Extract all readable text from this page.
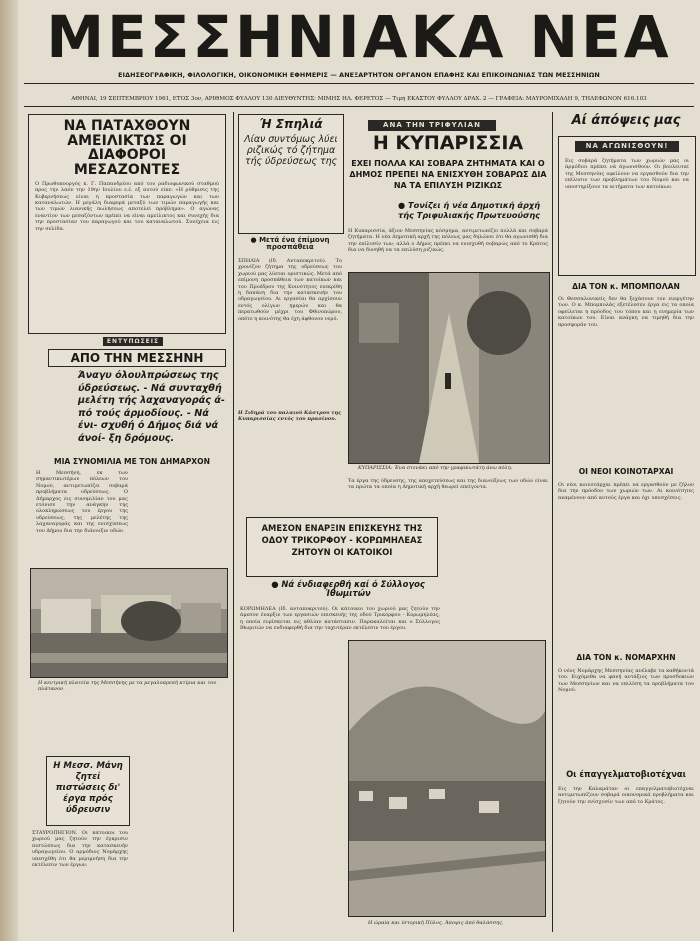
ΜΕΣΣΗΝΙΑΚΑ ΝΕΑ
ΕΙΔΗΣΕΟΓΡΑΦΙΚΗ, ΦΙΛΟΛΟΓΙΚΗ, ΟΙΚΟΝΟΜΙΚΗ ΕΦΗΜΕΡΙΣ — ΑΝΕΞΑΡΤΗΤΟΝ ΟΡΓΑΝΟΝ ΕΠΑΦΗΣ ΚΑΙ ΕΠΙΚΟΙΝΩΝΙΑΣ ΤΩΝ ΜΕΣΣΗΝΙΩΝ
ΑΘΗΝΑΙ, 19 ΣΕΠΤΕΜΒΡΙΟΥ 1961, ΕΤΟΣ 3ον, ΑΡΙΘΜΟΣ ΦΥΛΛΟΥ 130 ΔΙΕΥΘΥΝΤΗΣ: ΜΙΜΗΣ ΗΛ. ΦΕΡΕΤΟΣ — Τιμή ΕΚΑΣΤΟΥ ΦΥΛΛΟΥ ΔΡΑΧ. 2 — ΓΡΑΦΕΙΑ: ΜΑΥΡΟΜΙΧΑΛΗ 9, ΤΗΛΕΦΩΝΟΝ 616.103
ΝΑ ΠΑΤΑΧΘΟΥΝ ΑΜΕΙΛΙΚΤΩΣ ΟΙ ΔΙΑΦΟΡΟΙ ΜΕΣΑΖΟΝΤΕΣ
Ο Πρωθυπουργός κ. Γ. Παπανδρέου από του ραδιοφωνικού σταθμού προς την λαόν την 19ην Ιουλίου ε.έ. εξ αυτού είπε: «Η ρύθμισις της Κυβερνήσεως είναι η προστασία των παραγωγών και των καταναλωτών. Η μεγάλη διαφορά μεταξύ των τιμών παραγωγής και των τιμών λιανικής πωλήσεως αποτελεί πρόβλημα». Ο αγώνας εναντίον των μεσαζόντων πρέπει να είναι αμείλικτος και συνεχής δια την προστασίαν του παραγωγού και του καταναλωτού. Συνέχεια εις την σελίδα.
ΕΝΤΥΠΩΣΕΙΣ
ΑΠΟ ΤΗΝ ΜΕΣΣΗΝΗ
Άναγυ όλουλπρώσεως της ύδρεύσεως. - Νά συνταχθή μελέτη τής λαχαναγοράς ά- πό τούς άρμοδίους. - Νά ένι- σχυθή ό Δήμος διά νά άνοί- ξη δρόμους.
ΜΙΑ ΣΥΝΟΜΙΛΙΑ ΜΕ ΤΟΝ ΔΗΜΑΡΧΟΝ
Η Μεσσήνη, εκ των σημαντικωτέρων πόλεων του Νομού, αντιμετωπίζει σοβαρά προβλήματα υδρεύσεως. Ο Δήμαρχος εις συνομιλίαν του μας ετόνισε την ανάγκην της ολοκληρώσεως του έργου της υδρεύσεως, της μελέτης της λαχαναγοράς και της ενισχύσεως του Δήμου δια την διάνοιξιν οδών.
Η κεντρική πλατεία της Μεσσήνης με τα μεγαλοπρεπή κτίρια και τον πλάτανον.
Η Μεσσ. Μάνη ζητεί πιστώσεις δι' έργα πρός ύδρευσιν
ΣΤΑΥΡΟΠΗΓΙΟΝ. Οι κάτοικοι του χωριού μας ζητούν την έγκρισιν πιστώσεως δια την κατασκευήν υδραγωγείου. Ο αρμόδιος Νομάρχης υπεσχέθη ότι θα μεριμνήση δια την εκτέλεσιν των έργων.
Ή Σπηλιά
Λίαν συντόμως λύει ριζικώς τό ζήτημα τής ύδρεύσεως της
● Μετά ένα έπίμονη προσπάθεια
ΣΠΗΛΙΑ (Ιδ. Ανταποκριτού). Το χρονίζον ζήτημα της υδρεύσεως του χωριού μας λύεται οριστικώς. Μετά από επίμονη προσπάθεια των κατοίκων και του Προέδρου της Κοινότητος ενεκρίθη η δαπάνη δια την κατασκευήν του υδραγωγείου. Αι εργασίαι θα αρχίσουν εντός ολίγων ημερών και θα περατωθούν μέχρι του Φθινοπώρου, οπότε η κοινότης θα έχη άφθονον νερό.
Η Σιδηρά του παλαιού Κάστρου της Κυπαρισσίας εντός του πρασίνου.
ΑΝΑ ΤΗΝ ΤΡΙΦΥΛΙΑΝ
Η ΚΥΠΑΡΙΣΣΙΑ
ΕΧΕΙ ΠΟΛΛΑ ΚΑΙ ΣΟΒΑΡΑ ΖΗΤΗΜΑΤΑ ΚΑΙ Ο ΔΗΜΟΣ ΠΡΕΠΕΙ ΝΑ ΕΝΙΣΧΥΘΗ ΣΟΒΑΡΩΣ ΔΙΑ ΝΑ ΤΑ ΕΠΙΛΥΣΗ ΡΙΖΙΚΩΣ
● Τονίζει ή νέα Δημοτική άρχή τής Τριφυλιακής Πρωτευούσης
Η Κυπαρισσία, άξιον Μεσσηνίας κόσμημα, αντιμετωπίζει πολλά και σοβαρά ζητήματα. Η νέα Δημοτική αρχή της πόλεως μας δηλώνει ότι θα αγωνισθή δια την επίλυσίν των, αλλά ο Δήμος πρέπει να ενισχυθή σοβαρώς από το Κράτος δια να δυνηθή να τα επιλύση ριζικώς.
ΚΥΠΑΡΙΣΣΙΑ: Ένα στενάκι από την γραφικωτάτη άνω πόλη.
Τα έργα της ύδρευσης, της αποχετεύσεως και της διανοίξεως των οδών είναι τα πρώτα τα οποία η Δημοτική αρχή θεωρεί επείγοντα.
ΑΜΕΣΟΝ ΕΝΑΡΞΙΝ ΕΠΙΣΚΕΥΗΣ ΤΗΣ ΟΔΟΥ ΤΡΙΚΟΡΦΟΥ - ΚΟΡΩΜΗΛΕΑΣ ΖΗΤΟΥΝ ΟΙ ΚΑΤΟΙΚΟΙ
● Νά ένδιαφερθή καί ό Σύλλογος Ίθωμιτών
ΚΟΡΩΜΗΛΕΑ (Ιδ. ανταποκριτού). Οι κάτοικοι του χωριού μας ζητούν την άμεσον έναρξιν των εργασιών επισκευής της οδού Τρικόρφου - Κορωμηλέας, η οποία ευρίσκεται εις αθλίαν κατάστασιν. Παρακαλείται και ο Σύλλογος Ιθωμιτών να ενδιαφερθή δια την ταχυτέραν εκτέλεσιν του έργου.
Η ώραία και ίστορική Πύλος. Άποψις άπό θαλάσσης.
Αί άπόψεις μας
ΝΑ ΑΓΩΝΙΣΘΟΥΝ!
Εις σοβαρά ζητήματα των χωριών μας οι άρμόδιοι πρέπει νά άγωνισθούν. Οι βουλευταί της Μεσσηνίας οφείλουν να εργασθούν δια την επίλυσιν των προβλημάτων του Νομού και να υποστηρίξουν τα αιτήματα των κατοίκων.
ΔΙΑ ΤΟΝ κ. ΜΠΟΜΠΟΛΑΝ
Οι Θεσσαλονικείς δεν θα ξεχάσουν τον ευεργέτην των. Ο κ. Μπομπολάς εξετέλεσεν έργα εις τα οποία οφείλεται η πρόοδος του τόπου και η ευημερία των κατοίκων του. Είναι ανάγκη να τιμηθή δια την προσφοράν του.
ΟΙ ΝΕΟΙ ΚΟΙΝΟΤΑΡΧΑΙ
Οι νέοι κοινοτάρχαι πρέπει να εργασθούν με ζήλον δια την πρόοδον των χωριών των. Αι κοινότητες αναμένουν από αυτούς έργα και όχι υποσχέσεις.
ΔΙΑ ΤΟΝ κ. ΝΟΜΑΡΧΗΝ
Ο νέος Νομάρχης Μεσσηνίας ανέλαβε τα καθήκοντά του. Ευχόμεθα να φανή αντάξιος των προσδοκιών των Μεσσηνίων και να επιλύση τα προβλήματα του Νομού.
Οι έπαγγελματοβιοτέχναι
Εις την Καλαμάταν οι επαγγελματοβιοτέχναι αντιμετωπίζουν σοβαρά οικονομικά προβλήματα και ζητούν την ενίσχυσίν των από το Κράτος.
